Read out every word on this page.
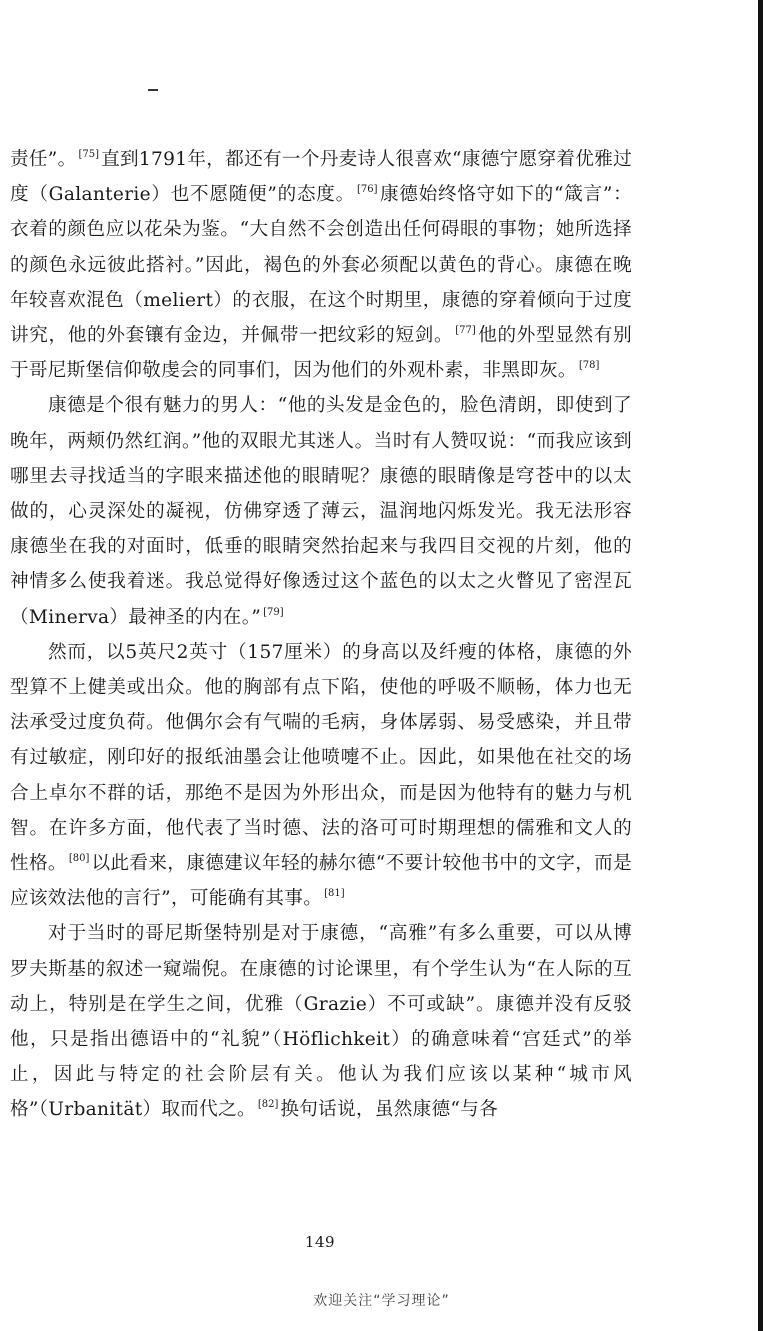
责任”。 [75] 直到1791年，都还有一个丹麦诗人很喜欢“康德宁愿穿着优雅过度（Galanterie）也不愿随便”的态度。 [76] 康德始终恪守如下的“箴言”：衣着的颜色应以花朵为鉴。“大自然不会创造出任何碍眼的事物；她所选择的颜色永远彼此搭衬。”因此，褐色的外套必须配以黄色的背心。康德在晚年较喜欢混色（meliert）的衣服，在这个时期里，康德的穿着倾向于过度讲究，他的外套镶有金边，并佩带一把纹彩的短剑。 [77] 他的外型显然有别于哥尼斯堡信仰敬虔会的同事们，因为他们的外观朴素，非黑即灰。 [78]

康德是个很有魅力的男人：“他的头发是金色的，脸色清朗，即使到了晚年，两颊仍然红润。”他的双眼尤其迷人。当时有人赞叹说：“而我应该到哪里去寻找适当的字眼来描述他的眼睛呢？康德的眼睛像是穹苍中的以太做的，心灵深处的凝视，仿佛穿透了薄云，温润地闪烁发光。我无法形容康德坐在我的对面时，低垂的眼睛突然抬起来与我四目交视的片刻，他的神情多么使我着迷。我总觉得好像透过这个蓝色的以太之火瞥见了密涅瓦（Minerva）最神圣的内在。” [79]

然而，以5英尺2英寸（157厘米）的身高以及纤瘦的体格，康德的外型算不上健美或出众。他的胸部有点下陷，使他的呼吸不顺畅，体力也无法承受过度负荷。他偶尔会有气喘的毛病，身体孱弱、易受感染，并且带有过敏症，刚印好的报纸油墨会让他喷嚏不止。因此，如果他在社交的场合上卓尔不群的话，那绝不是因为外形出众，而是因为他特有的魅力与机智。在许多方面，他代表了当时德、法的洛可可时期理想的儒雅和文人的性格。 [80] 以此看来，康德建议年轻的赫尔德“不要计较他书中的文字，而是应该效法他的言行”，可能确有其事。 [81]

对于当时的哥尼斯堡特别是对于康德，“高雅”有多么重要，可以从博罗夫斯基的叙述一窥端倪。在康德的讨论课里，有个学生认为“在人际的互动上，特别是在学生之间，优雅（Grazie）不可或缺”。康德并没有反驳他，只是指出德语中的“礼貌”（Höflichkeit）的确意味着“宫廷式”的举止，因此与特定的社会阶层有关。他认为我们应该以某种“城市风格”（Urbanität）取而代之。 [82] 换句话说，虽然康德“与各

149
欢迎关注“学习理论”
